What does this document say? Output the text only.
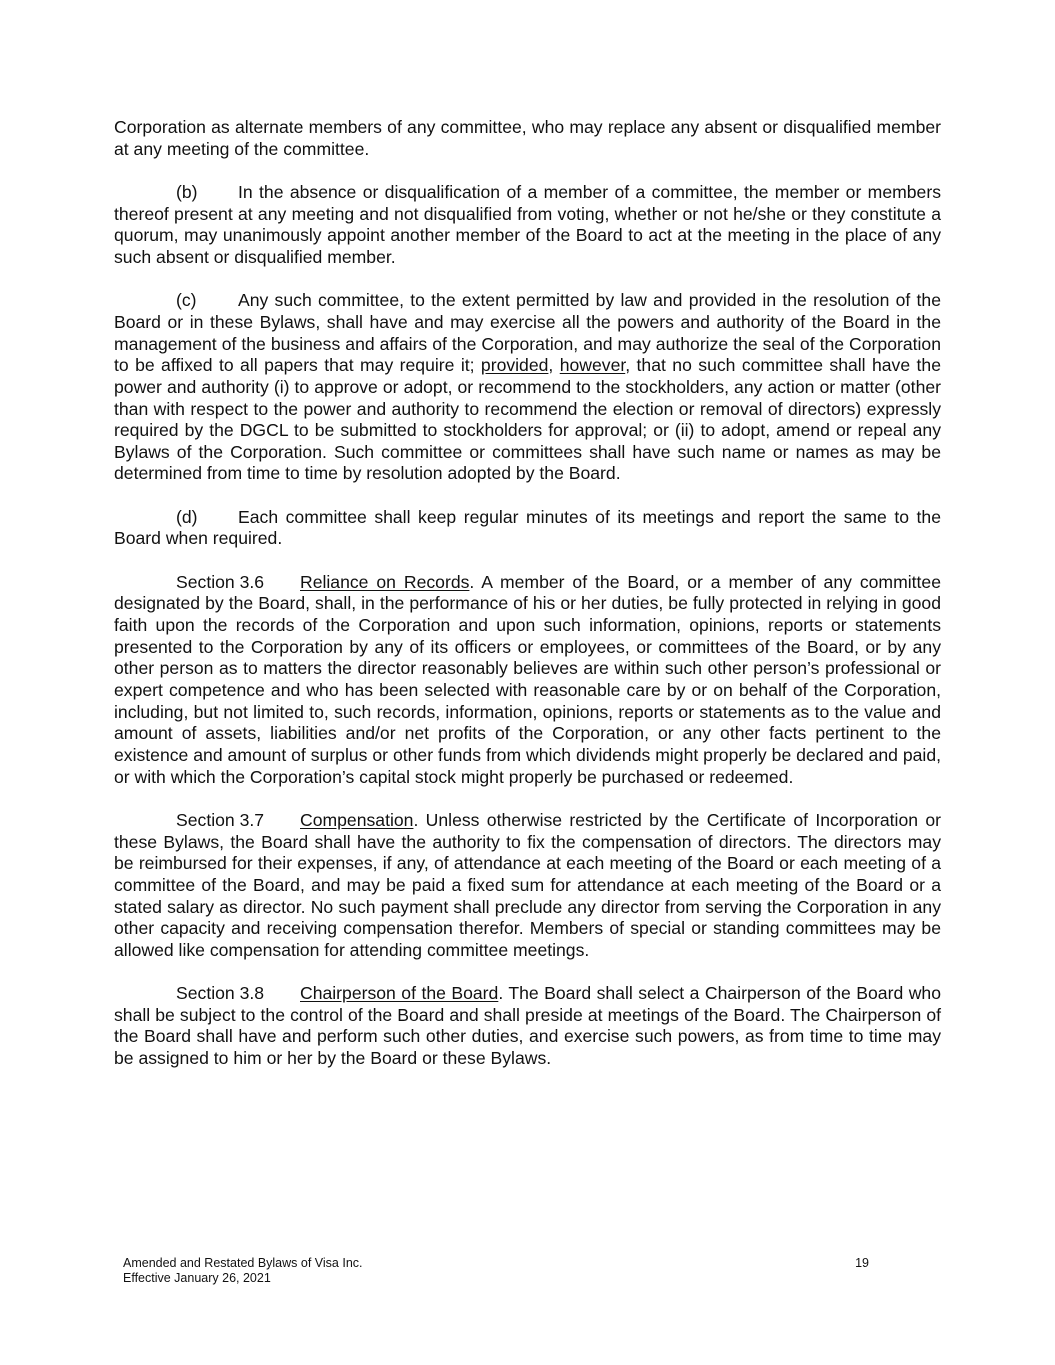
Corporation as alternate members of any committee, who may replace any absent or disqualified member at any meeting of the committee.

(b) In the absence or disqualification of a member of a committee, the member or members thereof present at any meeting and not disqualified from voting, whether or not he/she or they constitute a quorum, may unanimously appoint another member of the Board to act at the meeting in the place of any such absent or disqualified member.

(c) Any such committee, to the extent permitted by law and provided in the resolution of the Board or in these Bylaws, shall have and may exercise all the powers and authority of the Board in the management of the business and affairs of the Corporation, and may authorize the seal of the Corporation to be affixed to all papers that may require it; provided, however, that no such committee shall have the power and authority (i) to approve or adopt, or recommend to the stockholders, any action or matter (other than with respect to the power and authority to recommend the election or removal of directors) expressly required by the DGCL to be submitted to stockholders for approval; or (ii) to adopt, amend or repeal any Bylaws of the Corporation. Such committee or committees shall have such name or names as may be determined from time to time by resolution adopted by the Board.

(d) Each committee shall keep regular minutes of its meetings and report the same to the Board when required.

Section 3.6 Reliance on Records. A member of the Board, or a member of any committee designated by the Board, shall, in the performance of his or her duties, be fully protected in relying in good faith upon the records of the Corporation and upon such information, opinions, reports or statements presented to the Corporation by any of its officers or employees, or committees of the Board, or by any other person as to matters the director reasonably believes are within such other person’s professional or expert competence and who has been selected with reasonable care by or on behalf of the Corporation, including, but not limited to, such records, information, opinions, reports or statements as to the value and amount of assets, liabilities and/or net profits of the Corporation, or any other facts pertinent to the existence and amount of surplus or other funds from which dividends might properly be declared and paid, or with which the Corporation’s capital stock might properly be purchased or redeemed.

Section 3.7 Compensation. Unless otherwise restricted by the Certificate of Incorporation or these Bylaws, the Board shall have the authority to fix the compensation of directors. The directors may be reimbursed for their expenses, if any, of attendance at each meeting of the Board or each meeting of a committee of the Board, and may be paid a fixed sum for attendance at each meeting of the Board or a stated salary as director. No such payment shall preclude any director from serving the Corporation in any other capacity and receiving compensation therefor. Members of special or standing committees may be allowed like compensation for attending committee meetings.

Section 3.8 Chairperson of the Board. The Board shall select a Chairperson of the Board who shall be subject to the control of the Board and shall preside at meetings of the Board. The Chairperson of the Board shall have and perform such other duties, and exercise such powers, as from time to time may be assigned to him or her by the Board or these Bylaws.

Amended and Restated Bylaws of Visa Inc.
Effective January 26, 2021
19
